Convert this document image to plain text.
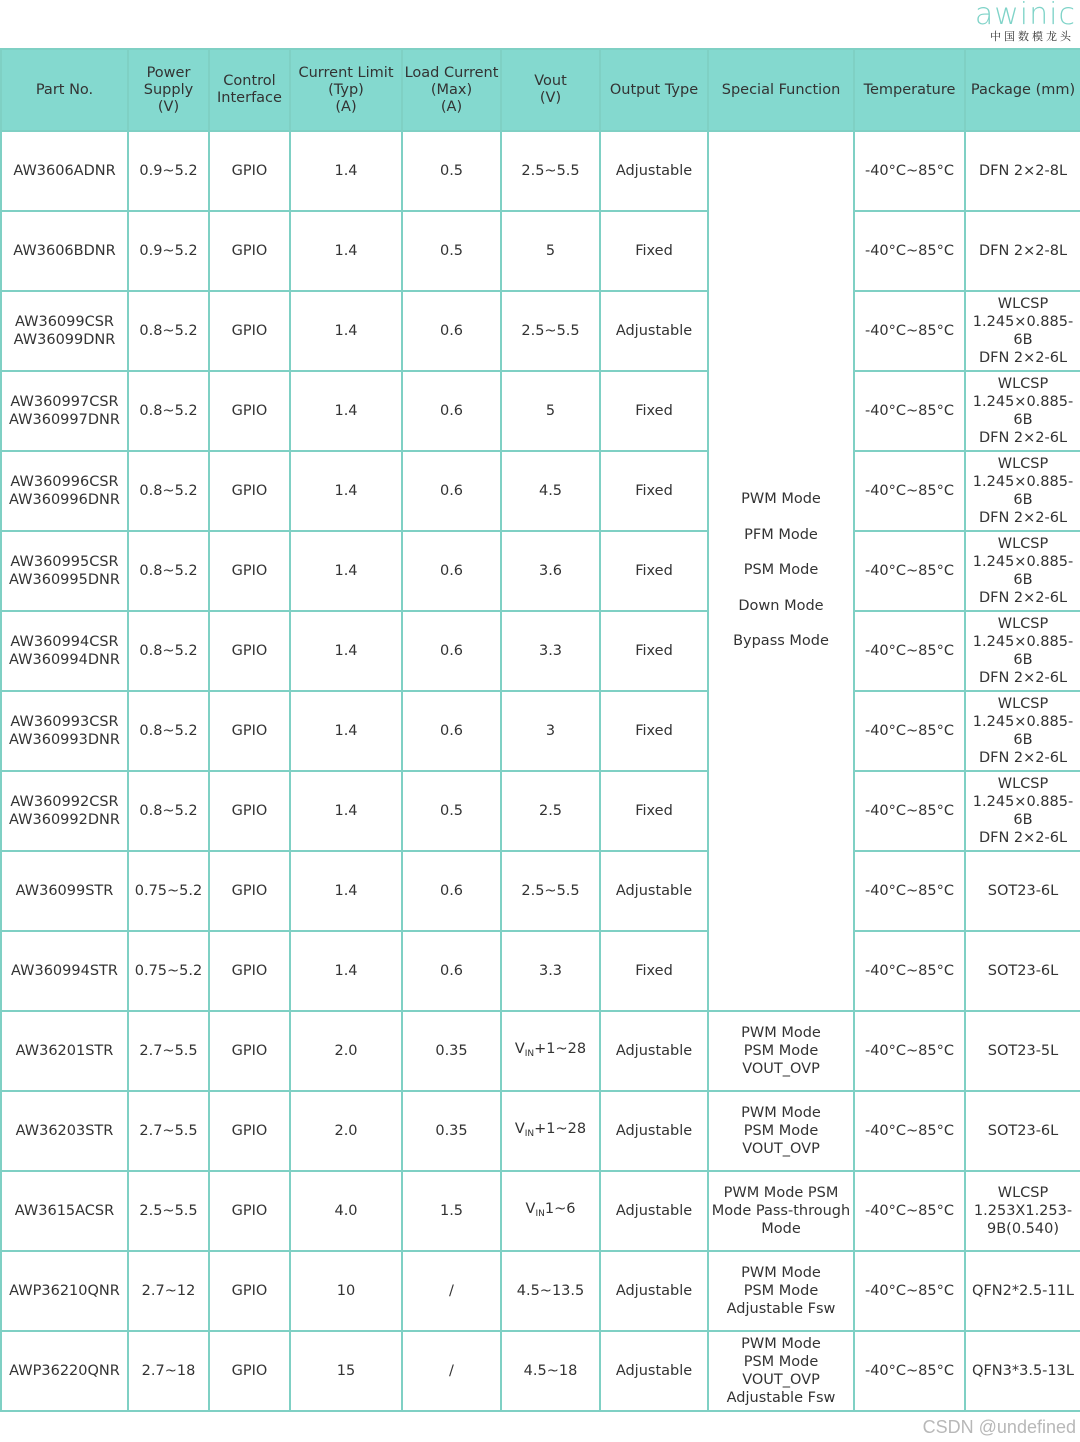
awinic
中国数模龙头
Part No.	Power
Supply
(V)	Control
Interface	Current Limit
(Typ)
(A)	Load Current
(Max)
(A)	Vout
(V)	Output Type	Special Function	Temperature	Package (mm)

AW3606ADNR	0.9~5.2	GPIO	1.4	0.5	2.5~5.5	Adjustable	PWM Mode
PFM Mode
PSM Mode
Down Mode
Bypass Mode	-40°C~85°C	DFN 2×2-8L

AW3606BDNR	0.9~5.2	GPIO	1.4	0.5	5	Fixed		-40°C~85°C	DFN 2×2-8L

AW36099CSR
AW36099DNR	0.8~5.2	GPIO	1.4	0.6	2.5~5.5	Adjustable		-40°C~85°C	WLCSP
1.245×0.885-6B
DFN 2×2-6L

AW360997CSR
AW360997DNR	0.8~5.2	GPIO	1.4	0.6	5	Fixed		-40°C~85°C	WLCSP
1.245×0.885-6B
DFN 2×2-6L

AW360996CSR
AW360996DNR	0.8~5.2	GPIO	1.4	0.6	4.5	Fixed		-40°C~85°C	WLCSP
1.245×0.885-6B
DFN 2×2-6L

AW360995CSR
AW360995DNR	0.8~5.2	GPIO	1.4	0.6	3.6	Fixed		-40°C~85°C	WLCSP
1.245×0.885-6B
DFN 2×2-6L

AW360994CSR
AW360994DNR	0.8~5.2	GPIO	1.4	0.6	3.3	Fixed		-40°C~85°C	WLCSP
1.245×0.885-6B
DFN 2×2-6L

AW360993CSR
AW360993DNR	0.8~5.2	GPIO	1.4	0.6	3	Fixed		-40°C~85°C	WLCSP
1.245×0.885-6B
DFN 2×2-6L

AW360992CSR
AW360992DNR	0.8~5.2	GPIO	1.4	0.5	2.5	Fixed		-40°C~85°C	WLCSP
1.245×0.885-6B
DFN 2×2-6L

AW36099STR	0.75~5.2	GPIO	1.4	0.6	2.5~5.5	Adjustable		-40°C~85°C	SOT23-6L

AW360994STR	0.75~5.2	GPIO	1.4	0.6	3.3	Fixed		-40°C~85°C	SOT23-6L

AW36201STR	2.7~5.5	GPIO	2.0	0.35	$V_{IN}+1\sim 28$	Adjustable	PWM Mode
PSM Mode
VOUT_OVP	-40°C~85°C	SOT23-5L

AW36203STR	2.7~5.5	GPIO	2.0	0.35	$V_{IN}+1\sim 28$	Adjustable	PWM Mode
PSM Mode
VOUT_OVP	-40°C~85°C	SOT23-6L

AW3615ACSR	2.5~5.5	GPIO	4.0	1.5	$V_{IN}1\sim 6$	Adjustable	PWM Mode PSM
Mode Pass-through
Mode	-40°C~85°C	WLCSP
1.253X1.253-
9B(0.540)

AWP36210QNR	2.7~12	GPIO	10	/	4.5~13.5	Adjustable	PWM Mode
PSM Mode
Adjustable Fsw	-40°C~85°C	QFN2*2.5-11L

AWP36220QNR	2.7~18	GPIO	15	/	4.5~18	Adjustable	PWM Mode
PSM Mode
VOUT_OVP
Adjustable Fsw	-40°C~85°C	QFN3*3.5-13L
CSDN @undefined
